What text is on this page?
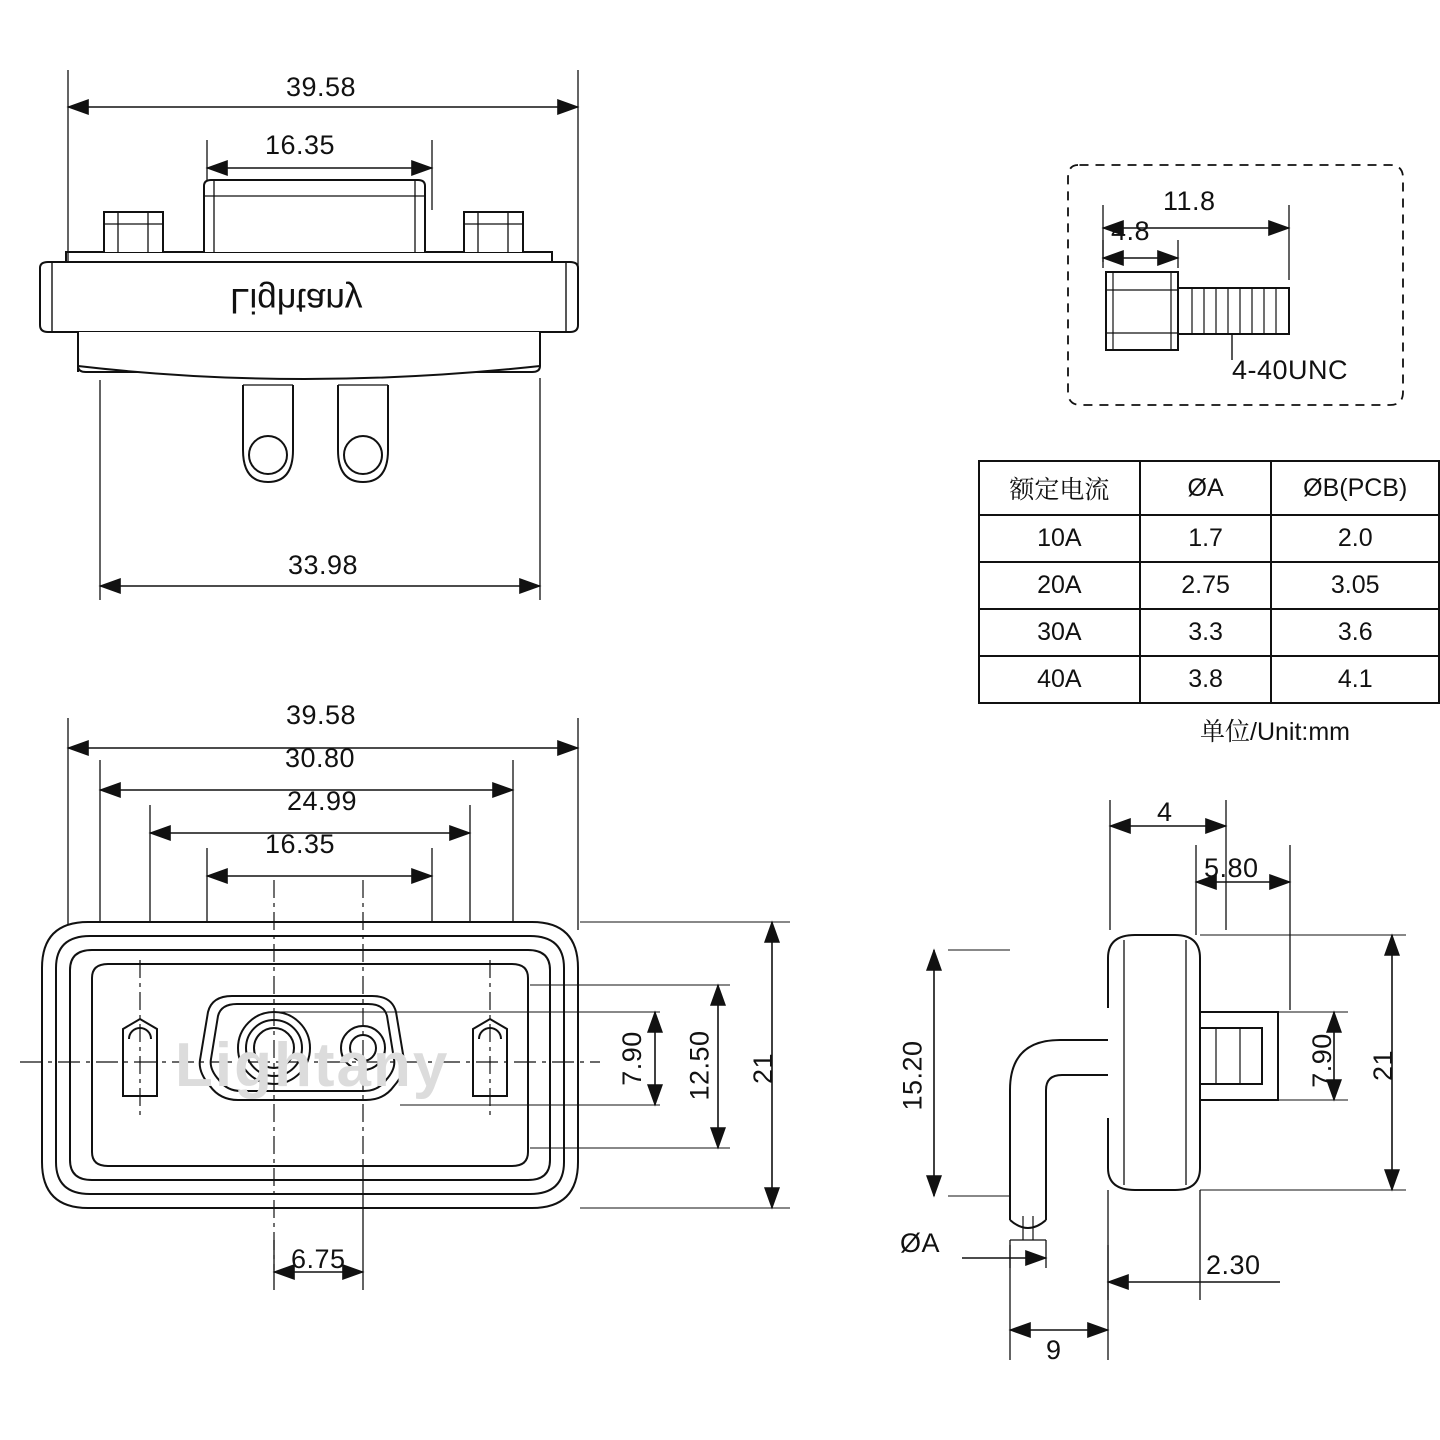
39.58
16.35
33.98
11.8
4.8
4-40UNC
39.58
30.80
24.99
16.35
7.90 12.50 21
6.75
4
5.80
15.20	7.90 21
ØA
2.30
9
Lightany
Lightany
额定电流	ØA	ØB(PCB)
10A	1.7	2.0
20A	2.75	3.05
30A	3.3	3.6
40A	3.8	4.1
单位/Unit:mm
